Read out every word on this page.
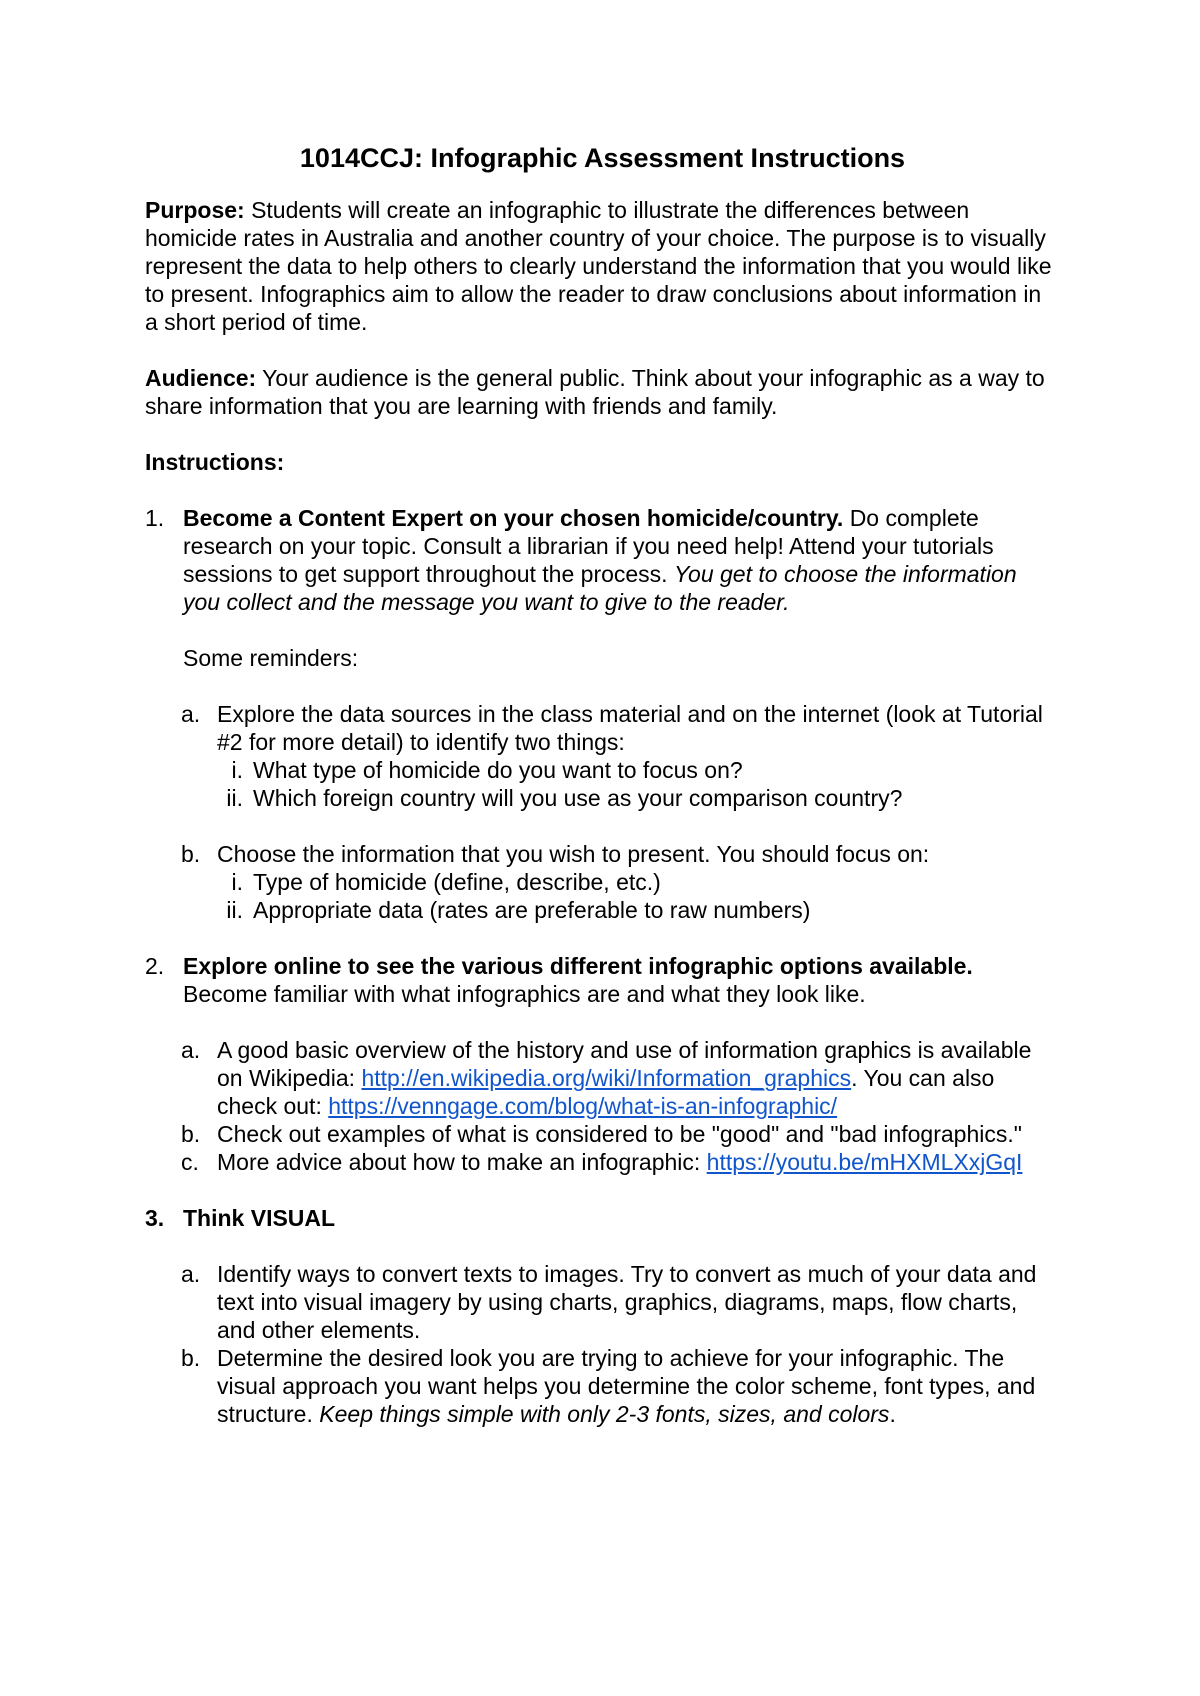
1014CCJ: Infographic Assessment Instructions

Purpose: Students will create an infographic to illustrate the differences between homicide rates in Australia and another country of your choice. The purpose is to visually represent the data to help others to clearly understand the information that you would like to present. Infographics aim to allow the reader to draw conclusions about information in a short period of time.

Audience: Your audience is the general public. Think about your infographic as a way to share information that you are learning with friends and family.

Instructions:

1. Become a Content Expert on your chosen homicide/country. Do complete research on your topic. Consult a librarian if you need help! Attend your tutorials sessions to get support throughout the process. You get to choose the information you collect and the message you want to give to the reader.

Some reminders:

a. Explore the data sources in the class material and on the internet (look at Tutorial #2 for more detail) to identify two things:

i. What type of homicide do you want to focus on?
ii. Which foreign country will you use as your comparison country?
b. Choose the information that you wish to present. You should focus on:

i. Type of homicide (define, describe, etc.)
ii. Appropriate data (rates are preferable to raw numbers)
2. Explore online to see the various different infographic options available. Become familiar with what infographics are and what they look like.

a. A good basic overview of the history and use of information graphics is available on Wikipedia: http://en.wikipedia.org/wiki/Information_graphics. You can also check out: https://venngage.com/blog/what-is-an-infographic/

b. Check out examples of what is considered to be "good" and "bad infographics."

c. More advice about how to make an infographic: https://youtu.be/mHXMLXxjGqI

3. Think VISUAL

a. Identify ways to convert texts to images. Try to convert as much of your data and text into visual imagery by using charts, graphics, diagrams, maps, flow charts, and other elements.

b. Determine the desired look you are trying to achieve for your infographic. The visual approach you want helps you determine the color scheme, font types, and structure. Keep things simple with only 2-3 fonts, sizes, and colors.
